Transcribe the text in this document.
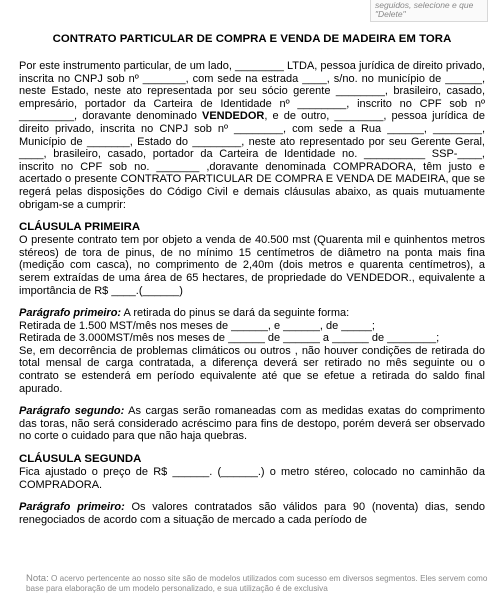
seguidos, selecione e que
"Delete"

CONTRATO PARTICULAR DE COMPRA E VENDA DE MADEIRA EM TORA

Por este instrumento particular, de um lado, ________ LTDA, pessoa jurídica de direito privado, inscrita no CNPJ sob nº _______, com sede na estrada ____, s/no. no município de ______, neste Estado, neste ato representada por seu sócio gerente ________, brasileiro, casado, empresário, portador da Carteira de Identidade nº ________, inscrito no CPF sob nº _________, doravante denominado VENDEDOR, e de outro, ________, pessoa jurídica de direito privado, inscrita no CNPJ sob nº ________, com sede a Rua ______, ________, Município de _______, Estado do ________, neste ato representado por seu Gerente Geral, ____, brasileiro, casado, portador da Carteira de Identidade no. __________ SSP-____, inscrito no CPF sob no. _______ ,doravante denominada COMPRADORA, têm justo e acertado o presente CONTRATO PARTICULAR DE COMPRA E VENDA DE MADEIRA, que se regerá pelas disposições do Código Civil e demais cláusulas abaixo, as quais mutuamente obrigam-se a cumprir:

CLÁUSULA PRIMEIRA

O presente contrato tem por objeto a venda de 40.500 mst (Quarenta mil e quinhentos metros stéreos) de tora de pinus, de no mínimo 15 centímetros de diâmetro na ponta mais fina (medição com casca), no comprimento de 2,40m (dois metros e quarenta centímetros), a serem extraídas de uma área de 65 hectares, de propriedade do VENDEDOR., equivalente a importância de R$ ____.(______)

Parágrafo primeiro: A retirada do pinus se dará da seguinte forma:

Retirada de 1.500 MST/mês nos meses de ______, e ______, de _____;

Retirada de 3.000MST/mês nos meses de ______ de ______ a ______ de ________;

Se, em decorrência de problemas climáticos ou outros , não houver condições de retirada do total mensal de carga contratada, a diferença deverá ser retirado no mês seguinte ou o contrato se estenderá em período equivalente até que se efetue a retirada do saldo final apurado.

Parágrafo segundo: As cargas serão romaneadas com as medidas exatas do comprimento das toras, não será considerado acréscimo para fins de destopo, porém deverá ser observado no corte o cuidado para que não haja quebras.

CLÁUSULA SEGUNDA

Fica ajustado o preço de R$ ______. (______.) o metro stéreo, colocado no caminhão da COMPRADORA.

Parágrafo primeiro: Os valores contratados são válidos para 90 (noventa) dias, sendo renegociados de acordo com a situação de mercado a cada período de

Nota: O acervo pertencente ao nosso site são de modelos utilizados com sucesso em diversos segmentos. Eles servem como base para elaboração de um modelo personalizado, e sua utilização é de exclusiva
